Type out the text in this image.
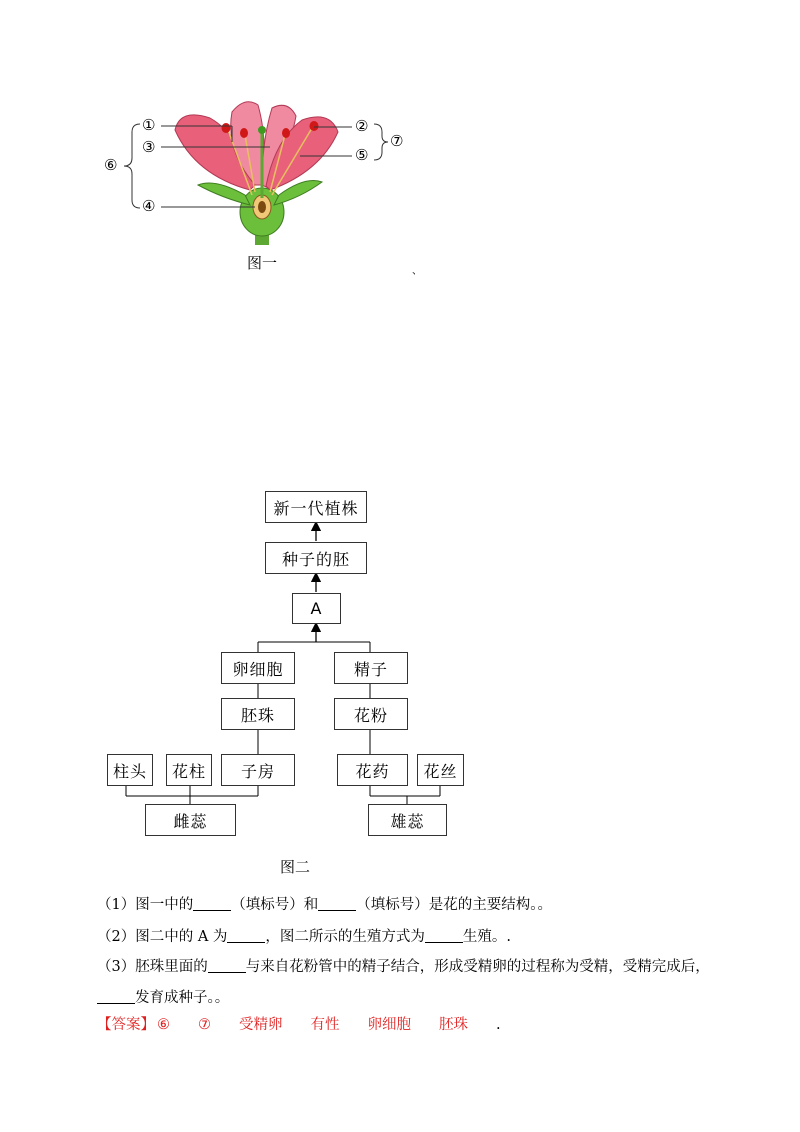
①
③
④
②
⑤
⑥
⑦
图一	、
新一代植株
种子的胚
A
卵细胞	精子
胚珠	花粉
柱头	花柱	子房	花药	花丝
雌蕊	雄蕊
图二
（1）图一中的	（填标号）和	（填标号）是花的主要结构。。
（2）图二中的 A 为	，图二所示的生殖方式为	生殖。.
（3）胚珠里面的	与来自花粉管中的精子结合，形成受精卵的过程称为受精，受精完成后，
发育成种子。。
【答案】 ⑥ ⑦ 受精卵 有性 卵细胞 胚珠 .
